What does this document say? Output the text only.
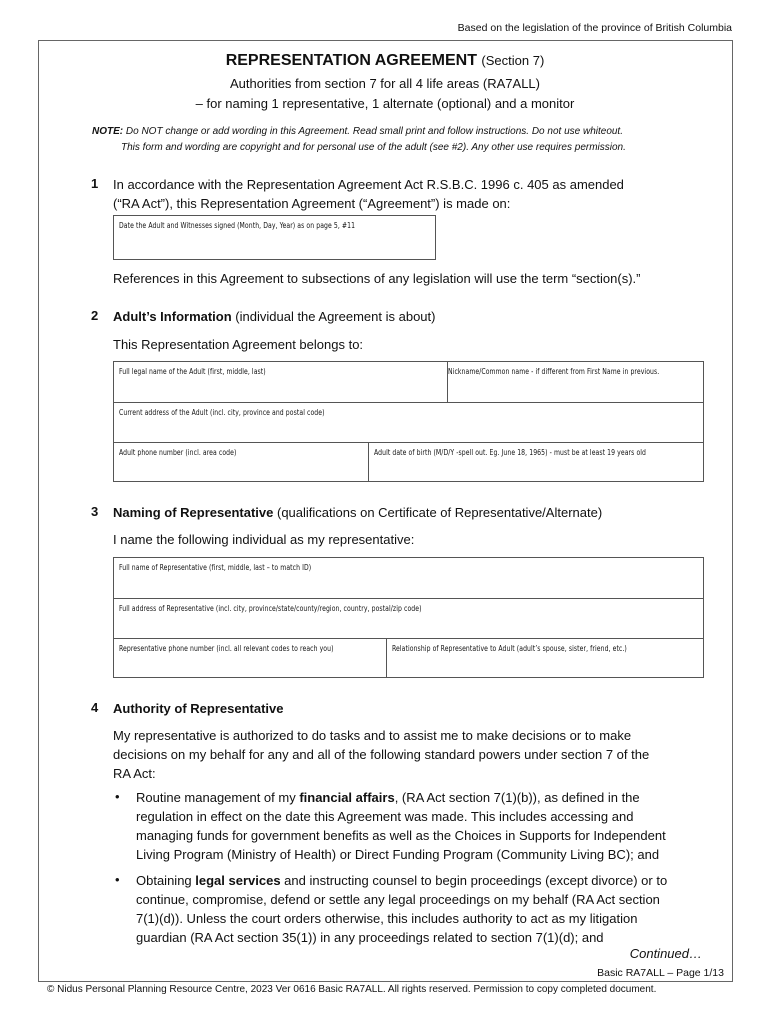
Based on the legislation of the province of British Columbia
REPRESENTATION AGREEMENT (Section 7)
Authorities from section 7 for all 4 life areas (RA7ALL)
– for naming 1 representative, 1 alternate (optional) and a monitor
NOTE: Do NOT change or add wording in this Agreement. Read small print and follow instructions. Do not use whiteout.
This form and wording are copyright and for personal use of the adult (see #2). Any other use requires permission.
1 In accordance with the Representation Agreement Act R.S.B.C. 1996 c. 405 as amended
(“RA Act”), this Representation Agreement (“Agreement”) is made on:
Date the Adult and Witnesses signed (Month, Day, Year) as on page 5, #11
References in this Agreement to subsections of any legislation will use the term “section(s).”
2 Adult’s Information (individual the Agreement is about)
This Representation Agreement belongs to:
Full legal name of the Adult (first, middle, last)	Nickname/Common name - if different from First Name in previous.
Current address of the Adult (incl. city, province and postal code)
Adult phone number (incl. area code)	Adult date of birth (M/D/Y -spell out. Eg. June 18, 1965) - must be at least 19 years old
3 Naming of Representative (qualifications on Certificate of Representative/Alternate)
I name the following individual as my representative:
Full name of Representative (first, middle, last – to match ID)
Full address of Representative (incl. city, province/state/county/region, country, postal/zip code)
Representative phone number (incl. all relevant codes to reach you)	Relationship of Representative to Adult (adult’s spouse, sister, friend, etc.)
4 Authority of Representative
My representative is authorized to do tasks and to assist me to make decisions or to make
decisions on my behalf for any and all of the following standard powers under section 7 of the
RA Act:
• Routine management of my financial affairs, (RA Act section 7(1)(b)), as defined in the
regulation in effect on the date this Agreement was made. This includes accessing and
managing funds for government benefits as well as the Choices in Supports for Independent
Living Program (Ministry of Health) or Direct Funding Program (Community Living BC); and
• Obtaining legal services and instructing counsel to begin proceedings (except divorce) or to
continue, compromise, defend or settle any legal proceedings on my behalf (RA Act section
7(1)(d)). Unless the court orders otherwise, this includes authority to act as my litigation
guardian (RA Act section 35(1)) in any proceedings related to section 7(1)(d); and
Continued…
Basic RA7ALL – Page 1/13
© Nidus Personal Planning Resource Centre, 2023 Ver 0616 Basic RA7ALL. All rights reserved. Permission to copy completed document.
